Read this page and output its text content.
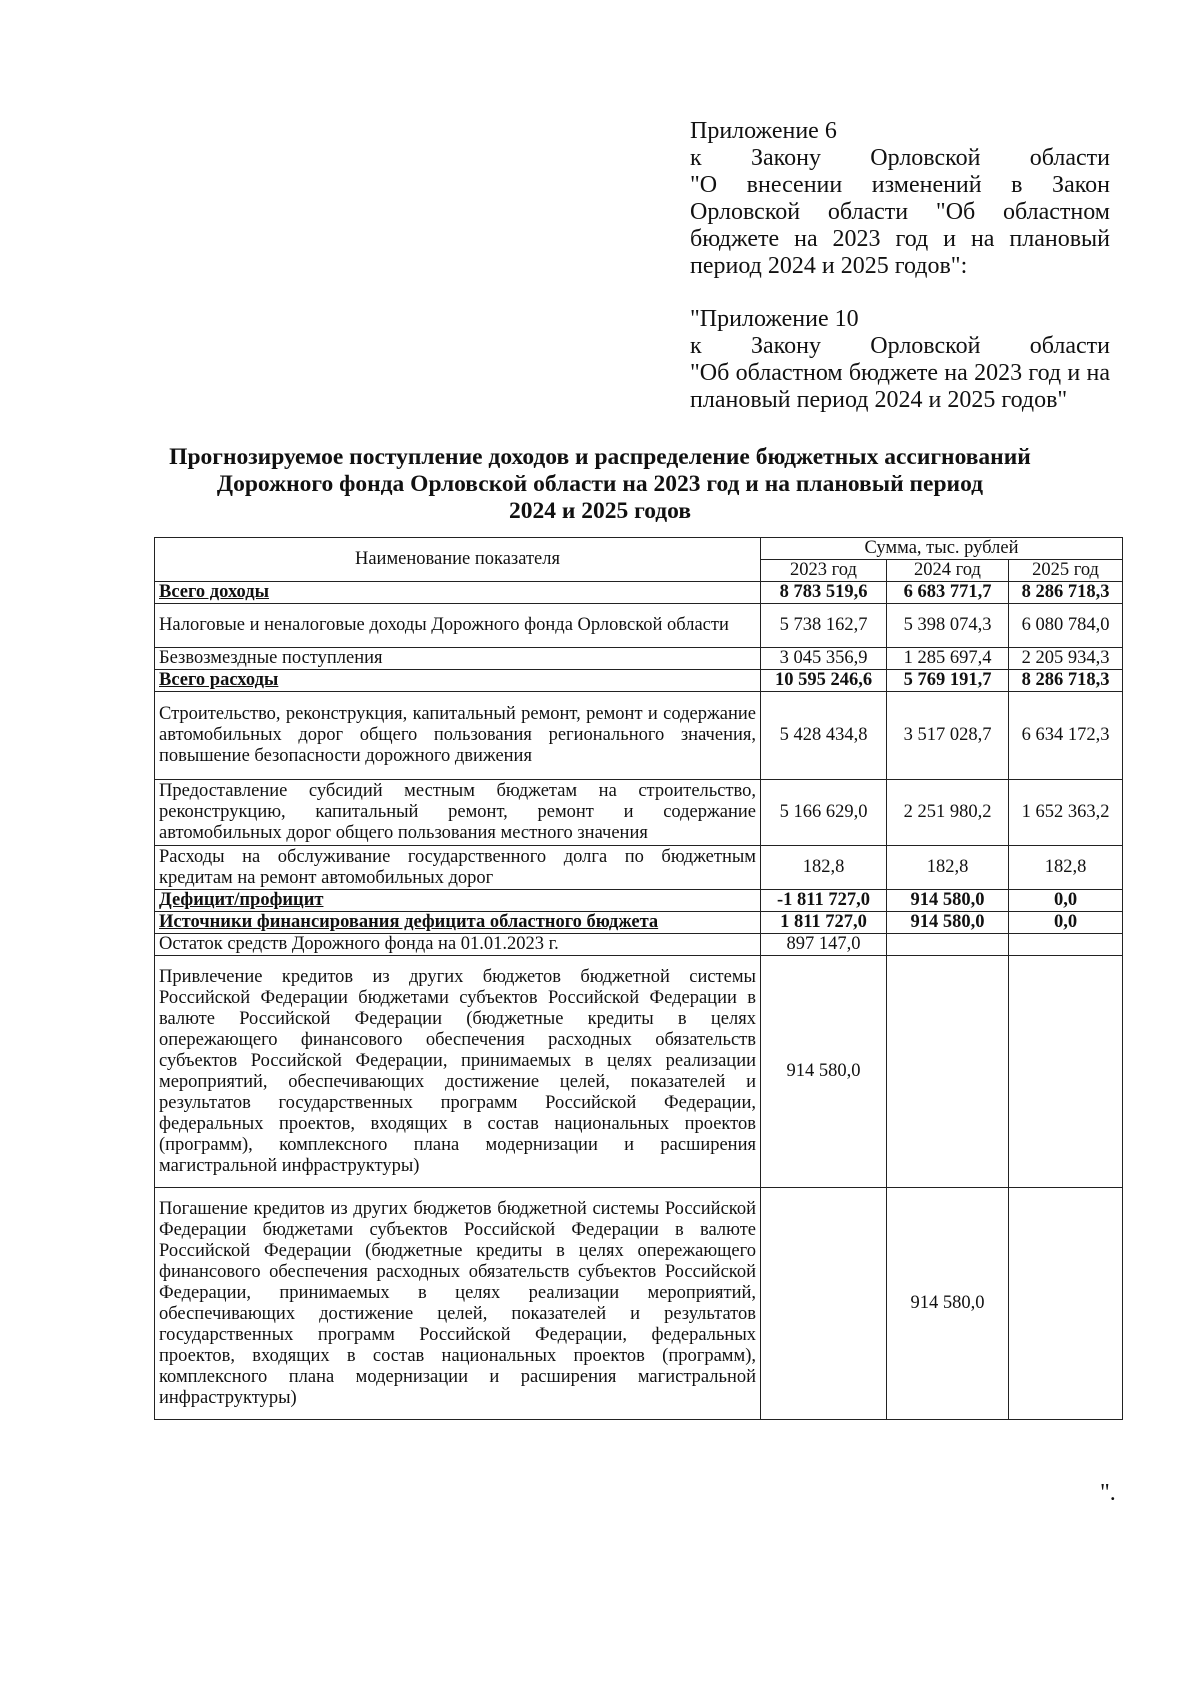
Приложение 6
к Закону Орловской области
"О внесении изменений в Закон
Орловской области "Об областном
бюджете на 2023 год и на плановый
период 2024 и 2025 годов":
"Приложение 10
к Закону Орловской области
"Об областном бюджете на 2023 год и на
плановый период 2024 и 2025 годов"
Прогнозируемое поступление доходов и распределение бюджетных ассигнований
Дорожного фонда Орловской области на 2023 год и на плановый период
2024 и 2025 годов
Наименование показателя	Сумма, тыс. рублей		
	2023 год	2024 год	2025 год
Всего доходы	8 783 519,6	6 683 771,7	8 286 718,3
Налоговые и неналоговые доходы Дорожного фонда Орловской области	5 738 162,7	5 398 074,3	6 080 784,0
Безвозмездные поступления	3 045 356,9	1 285 697,4	2 205 934,3
Всего расходы	10 595 246,6	5 769 191,7	8 286 718,3
Строительство, реконструкция, капитальный ремонт, ремонт и содержание автомобильных дорог общего пользования регионального значения, повышение безопасности дорожного движения	5 428 434,8	3 517 028,7	6 634 172,3
Предоставление субсидий местным бюджетам на строительство, реконструкцию, капитальный ремонт, ремонт и содержание автомобильных дорог общего пользования местного значения	5 166 629,0	2 251 980,2	1 652 363,2
Расходы на обслуживание государственного долга по бюджетным кредитам на ремонт автомобильных дорог	182,8	182,8	182,8
Дефицит/профицит	-1 811 727,0	914 580,0	0,0
Источники финансирования дефицита областного бюджета	1 811 727,0	914 580,0	0,0
Остаток средств Дорожного фонда на 01.01.2023 г.	897 147,0		
Привлечение кредитов из других бюджетов бюджетной системы Российской Федерации бюджетами субъектов Российской Федерации в валюте Российской Федерации (бюджетные кредиты в целях опережающего финансового обеспечения расходных обязательств субъектов Российской Федерации, принимаемых в целях реализации мероприятий, обеспечивающих достижение целей, показателей и результатов государственных программ Российской Федерации, федеральных проектов, входящих в состав национальных проектов (программ), комплексного плана модернизации и расширения магистральной инфраструктуры)	914 580,0		
Погашение кредитов из других бюджетов бюджетной системы Российской Федерации бюджетами субъектов Российской Федерации в валюте Российской Федерации (бюджетные кредиты в целях опережающего финансового обеспечения расходных обязательств субъектов Российской Федерации, принимаемых в целях реализации мероприятий, обеспечивающих достижение целей, показателей и результатов государственных программ Российской Федерации, федеральных проектов, входящих в состав национальных проектов (программ), комплексного плана модернизации и расширения магистральной инфраструктуры)		914 580,0	
".
